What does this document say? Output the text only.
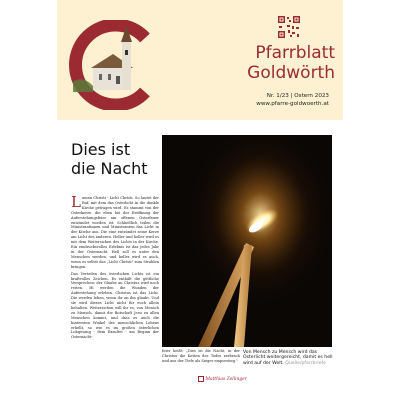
Pfarrblatt
Goldwörth
Nr. 1/23 | Ostern 2023
www.pfarre-goldwoerth.at
Dies ist
die Nacht

Lumen Christi - Licht Christi. So lautet der Ruf, mit dem das Osterlicht in die dunkle Kirche getragen wird. Es stammt von der Osterkerze, die eben bei der Eröffnung der Auferstehungsfeier am offenen Osterfeuer entzündet worden ist. Schließlich teilen die Ministrantinnen und Ministranten das Licht in der Kirche aus. Die eine entzündet seine Kerze am Licht des anderen. Heller und heller wird es mit dem Weitersichen des Lichts in der Kirche. Ein eindrucksvolles Erlebnis ist das jedes Jahr in der Osternacht. Hell soll es unter den Menschen werden, und heller wird es auch, wenn es selbst das „Licht Christi" zum Strahlen bringen.

Das Verteilen des österlichen Lichts ist ein kraftvolles Zeichen. Es enthält die göttliche Versprechen: der Glaube an Christus wird noch reiten. Hi werden die Wunden der Auferstehung erleben. Christus ist das Licht. Die werden leben, wenn ihr an ihn glaubt. Und sie wird dieses Licht nicht für euch allein behalten. Weitersichen will ihr es, von Mensch zu Mensch, damit die Botschaft Jesu zu allen Menschen kommt, und dass es auch die hintersten Winkel des menschlichen Lebens erhellt, so wie es im großen österlichen Lobgesang - dem Exsultet - am Beginn der Osternacht-

feier heißt: „Dies ist die Nacht, in der Christus die Ketten des Todes zerbrach und aus der Tiefe als Sieger emporstieg."

Von Mensch zu Mensch wird das Osterlicht weitergereicht, damit es hell wird auf der Welt. Quelle/pfarrbriefe
Matthias Zellinger
